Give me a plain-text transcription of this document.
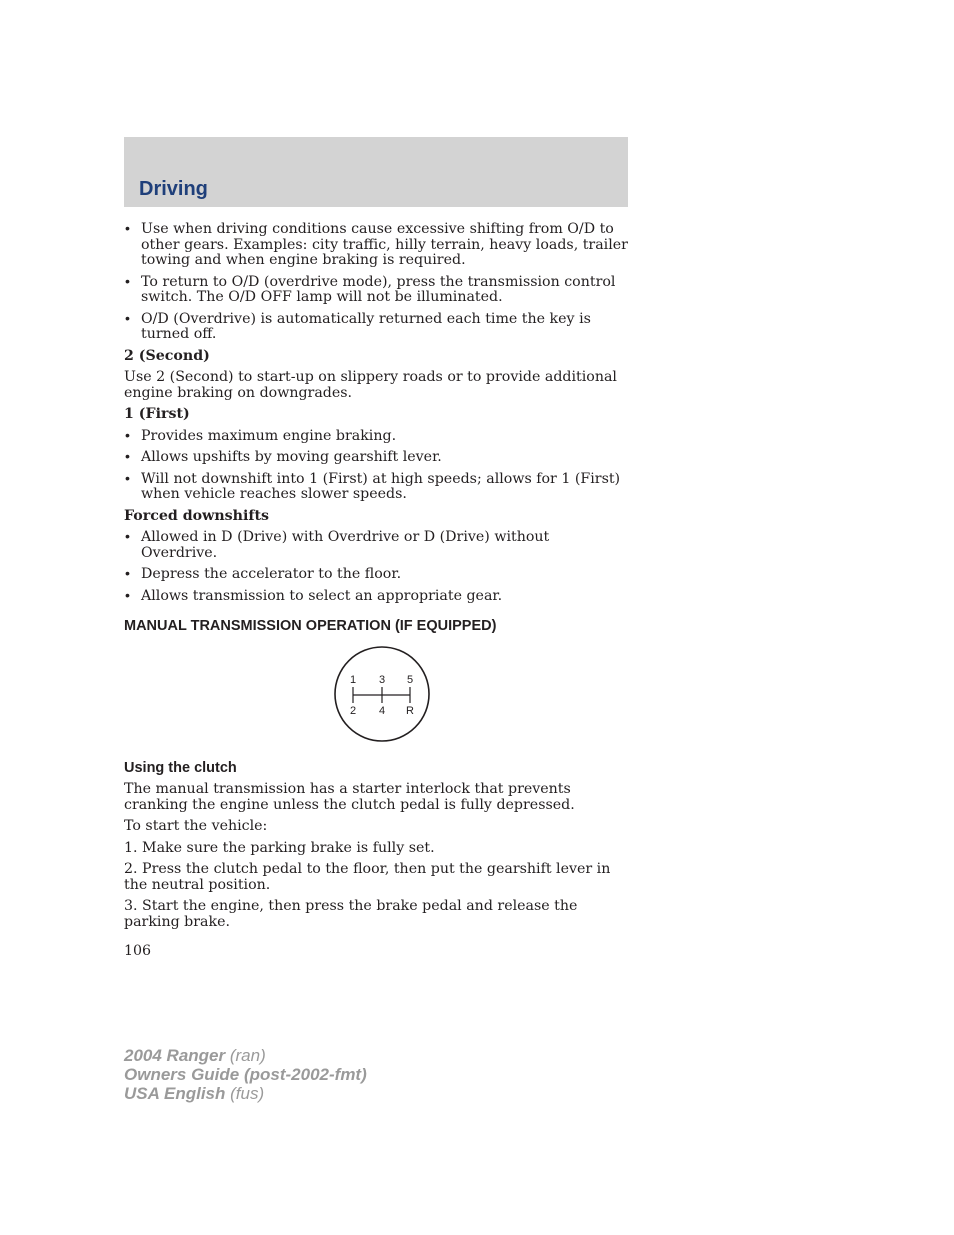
Driving
• Use when driving conditions cause excessive shifting from O/D to other gears. Examples: city traffic, hilly terrain, heavy loads, trailer towing and when engine braking is required.
• To return to O/D (overdrive mode), press the transmission control switch. The O/D OFF lamp will not be illuminated.
• O/D (Overdrive) is automatically returned each time the key is turned off.
2 (Second)

Use 2 (Second) to start-up on slippery roads or to provide additional engine braking on downgrades.

1 (First)
• Provides maximum engine braking.
• Allows upshifts by moving gearshift lever.
• Will not downshift into 1 (First) at high speeds; allows for 1 (First) when vehicle reaches slower speeds.
Forced downshifts
• Allowed in D (Drive) with Overdrive or D (Drive) without Overdrive.
• Depress the accelerator to the floor.
• Allows transmission to select an appropriate gear.
MANUAL TRANSMISSION OPERATION (IF EQUIPPED)
1 3 5
2 4 R
Using the clutch

The manual transmission has a starter interlock that prevents cranking the engine unless the clutch pedal is fully depressed.

To start the vehicle:

1. Make sure the parking brake is fully set.

2. Press the clutch pedal to the floor, then put the gearshift lever in the neutral position.

3. Start the engine, then press the brake pedal and release the parking brake.

106
2004 Ranger (ran)
Owners Guide (post-2002-fmt)
USA English (fus)
